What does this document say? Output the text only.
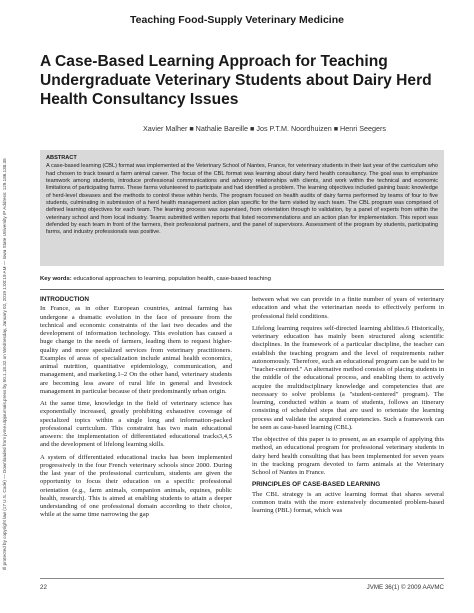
Ill protected by copyright law (17 U.S. Code) — Downloaded from jvme.utpjournals.press by 50.1.18.32 on Wednesday, January 02, 2019 1:00:19 AM — Iowa State University IP Address: 129.186.138.35
Teaching Food-Supply Veterinary Medicine
A Case-Based Learning Approach for Teaching Undergraduate Veterinary Students about Dairy Herd Health Consultancy Issues
Xavier Malher ■ Nathalie Bareille ■ Jos P.T.M. Noordhuizen ■ Henri Seegers
ABSTRACT

A case-based learning (CBL) format was implemented at the Veterinary School of Nantes, France, for veterinary students in their last year of the curriculum who had chosen to track toward a farm animal career. The focus of the CBL format was learning about dairy herd health consultancy. The goal was to emphasize teamwork among students, introduce professional communications and advisory relationships with clients, and work within the technical and economic limitations of participating farms. These farms volunteered to participate and had identified a problem. The learning objectives included gaining basic knowledge of herd-level diseases and the methods to control these within herds. The program focused on health audits of dairy farms performed by teams of four to five students, culminating in submission of a herd health management action plan specific for the farm visited by each team. The CBL program was comprised of defined learning objectives for each team. The learning process was supervised, from orientation through to validation, by a panel of experts from within the veterinary school and from local industry. Teams submitted written reports that listed recommendations and an action plan for implementation. This report was defended by each team in front of the farmers, their professional partners, and the panel of supervisors. Assessment of the program by students, participating farms, and industry professionals was positive.

Key words: educational approaches to learning, population health, case-based teaching
INTRODUCTION

In France, as in other European countries, animal farming has undergone a dramatic evolution in the face of pressure from the technical and economic constraints of the last two decades and the development of information technology. This evolution has caused a huge change in the needs of farmers, leading them to request higher-quality and more specialized services from veterinary practitioners. Examples of areas of specialization include animal health economics, animal nutrition, quantitative epidemiology, communication, and management, and marketing.1–2 On the other hand, veterinary students are becoming less aware of rural life in general and livestock management in particular because of their predominantly urban origin.

At the same time, knowledge in the field of veterinary science has exponentially increased, greatly prohibiting exhaustive coverage of specialized topics within a single long and information-packed professional curriculum. This constraint has two main educational answers: the implementation of differentiated educational tracks3,4,5 and the development of lifelong learning skills.

A system of differentiated educational tracks has been implemented progressively in the four French veterinary schools since 2000. During the last year of the professional curriculum, students are given the opportunity to focus their education on a specific professional orientation (e.g., farm animals, companion animals, equines, public health, research). This is aimed at enabling students to attain a deeper understanding of one professional domain according to their choice, while at the same time narrowing the gap

between what we can provide in a finite number of years of veterinary education and what the veterinarian needs to effectively perform in professional field conditions.

Lifelong learning requires self-directed learning abilities.6 Historically, veterinary education has mainly been structured along scientific disciplines. In the framework of a particular discipline, the teacher can establish the teaching program and the level of requirements rather autonomously. Therefore, such an educational program can be said to be "teacher-centered." An alternative method consists of placing students in the middle of the educational process, and enabling them to actively acquire the multidisciplinary knowledge and competencies that are necessary to solve problems (a "student-centered" program). The learning, conducted within a team of students, follows an itinerary consisting of scheduled steps that are used to orientate the learning process and validate the acquired competencies. Such a framework can be seen as case-based learning (CBL).

The objective of this paper is to present, as an example of applying this method, an educational program for professional veterinary students in dairy herd health consulting that has been implemented for seven years in the tracking program devoted to farm animals at the Veterinary School of Nantes in France.

PRINCIPLES OF CASE-BASED LEARNING

The CBL strategy is an active learning format that shares several common traits with the more extensively documented problem-based learning (PBL) format, which was

22	JVME 36(1) © 2009 AAVMC
